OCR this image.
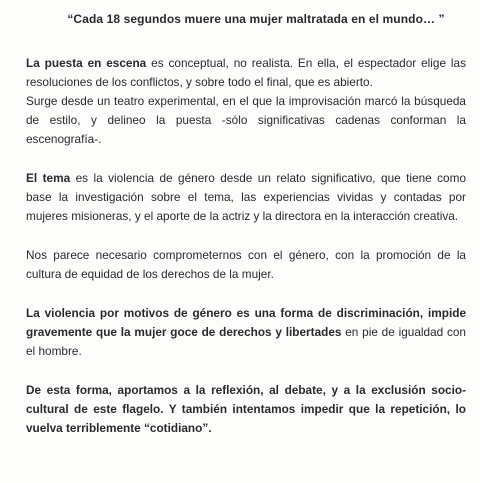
“Cada 18 segundos muere una mujer maltratada en el mundo… ”

La puesta en escena es conceptual, no realista. En ella, el espectador elige las resoluciones de los conflictos, y sobre todo el final, que es abierto.

Surge desde un teatro experimental, en el que la improvisación marcó la búsqueda de estilo, y delineo la puesta -sólo significativas cadenas conforman la escenografía-.

El tema es la violencia de género desde un relato significativo, que tiene como base la investigación sobre el tema, las experiencias vividas y contadas por mujeres misioneras, y el aporte de la actriz y la directora en la interacción creativa.

Nos parece necesario comprometernos con el género, con la promoción de la cultura de equidad de los derechos de la mujer.

La violencia por motivos de género es una forma de discriminación, impide gravemente que la mujer goce de derechos y libertades en pie de igualdad con el hombre.

De esta forma, aportamos a la reflexión, al debate, y a la exclusión socio-cultural de este flagelo. Y también intentamos impedir que la repetición, lo vuelva terriblemente “cotidiano”.
